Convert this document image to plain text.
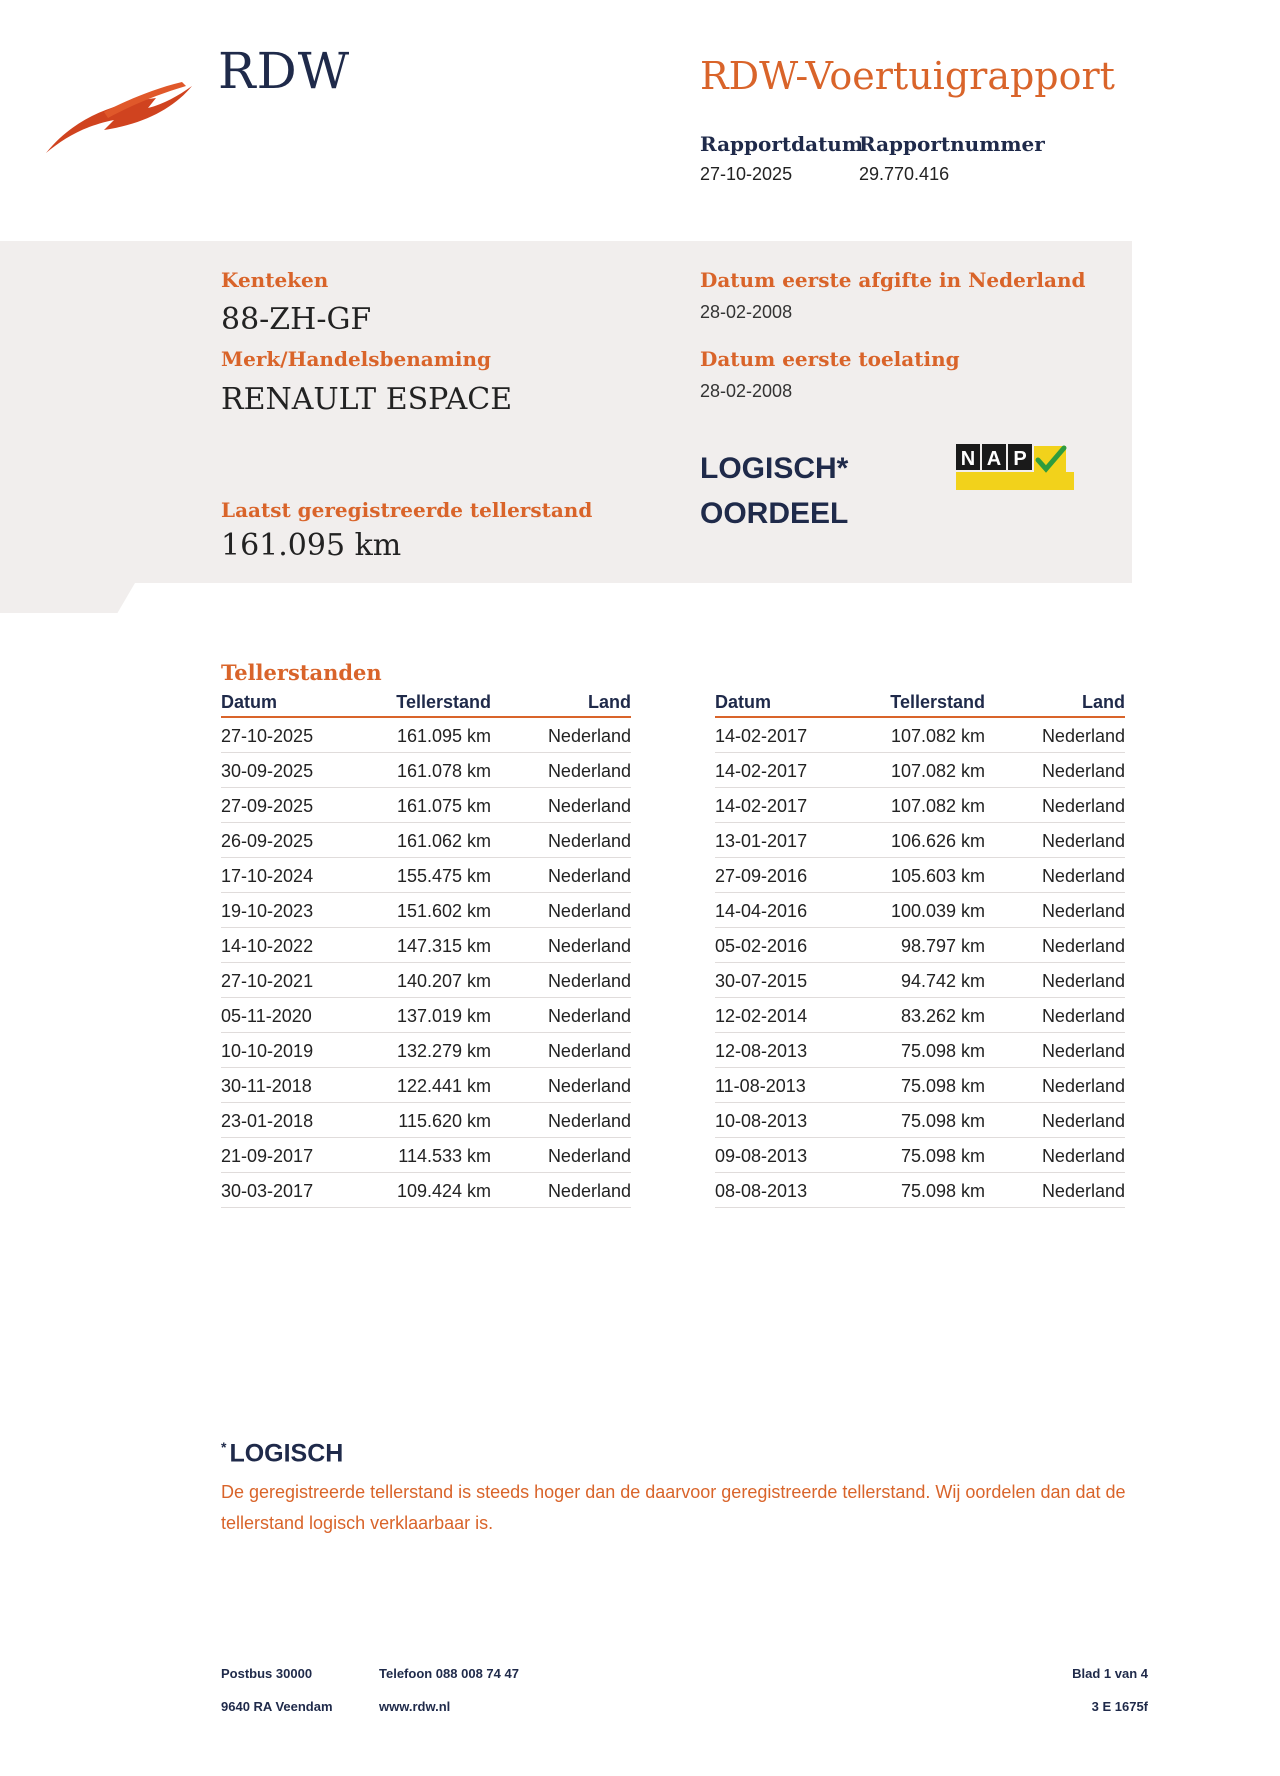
RDW	RDW-Voertuigrapport
Rapportdatum
27-10-2025
Rapportnummer
29.770.416
Kenteken
88-ZH-GF
Merk/Handelsbenaming
RENAULT ESPACE
Laatst geregistreerde tellerstand
161.095 km
Datum eerste afgifte in Nederland
28-02-2008
Datum eerste toelating
28-02-2008
LOGISCH*
OORDEEL
N A P
Tellerstanden
Datum	Tellerstand	Land
27-10-2025	161.095 km	Nederland
30-09-2025	161.078 km	Nederland
27-09-2025	161.075 km	Nederland
26-09-2025	161.062 km	Nederland
17-10-2024	155.475 km	Nederland
19-10-2023	151.602 km	Nederland
14-10-2022	147.315 km	Nederland
27-10-2021	140.207 km	Nederland
05-11-2020	137.019 km	Nederland
10-10-2019	132.279 km	Nederland
30-11-2018	122.441 km	Nederland
23-01-2018	115.620 km	Nederland
21-09-2017	114.533 km	Nederland
30-03-2017	109.424 km	Nederland
Datum	Tellerstand	Land
14-02-2017	107.082 km	Nederland
14-02-2017	107.082 km	Nederland
14-02-2017	107.082 km	Nederland
13-01-2017	106.626 km	Nederland
27-09-2016	105.603 km	Nederland
14-04-2016	100.039 km	Nederland
05-02-2016	98.797 km	Nederland
30-07-2015	94.742 km	Nederland
12-02-2014	83.262 km	Nederland
12-08-2013	75.098 km	Nederland
11-08-2013	75.098 km	Nederland
10-08-2013	75.098 km	Nederland
09-08-2013	75.098 km	Nederland
08-08-2013	75.098 km	Nederland
* LOGISCH
De geregistreerde tellerstand is steeds hoger dan de daarvoor geregistreerde tellerstand. Wij oordelen dan dat de tellerstand logisch verklaarbaar is.
Postbus 30000
9640 RA Veendam
Telefoon 088 008 74 47
www.rdw.nl
Blad 1 van 4
3 E 1675f
